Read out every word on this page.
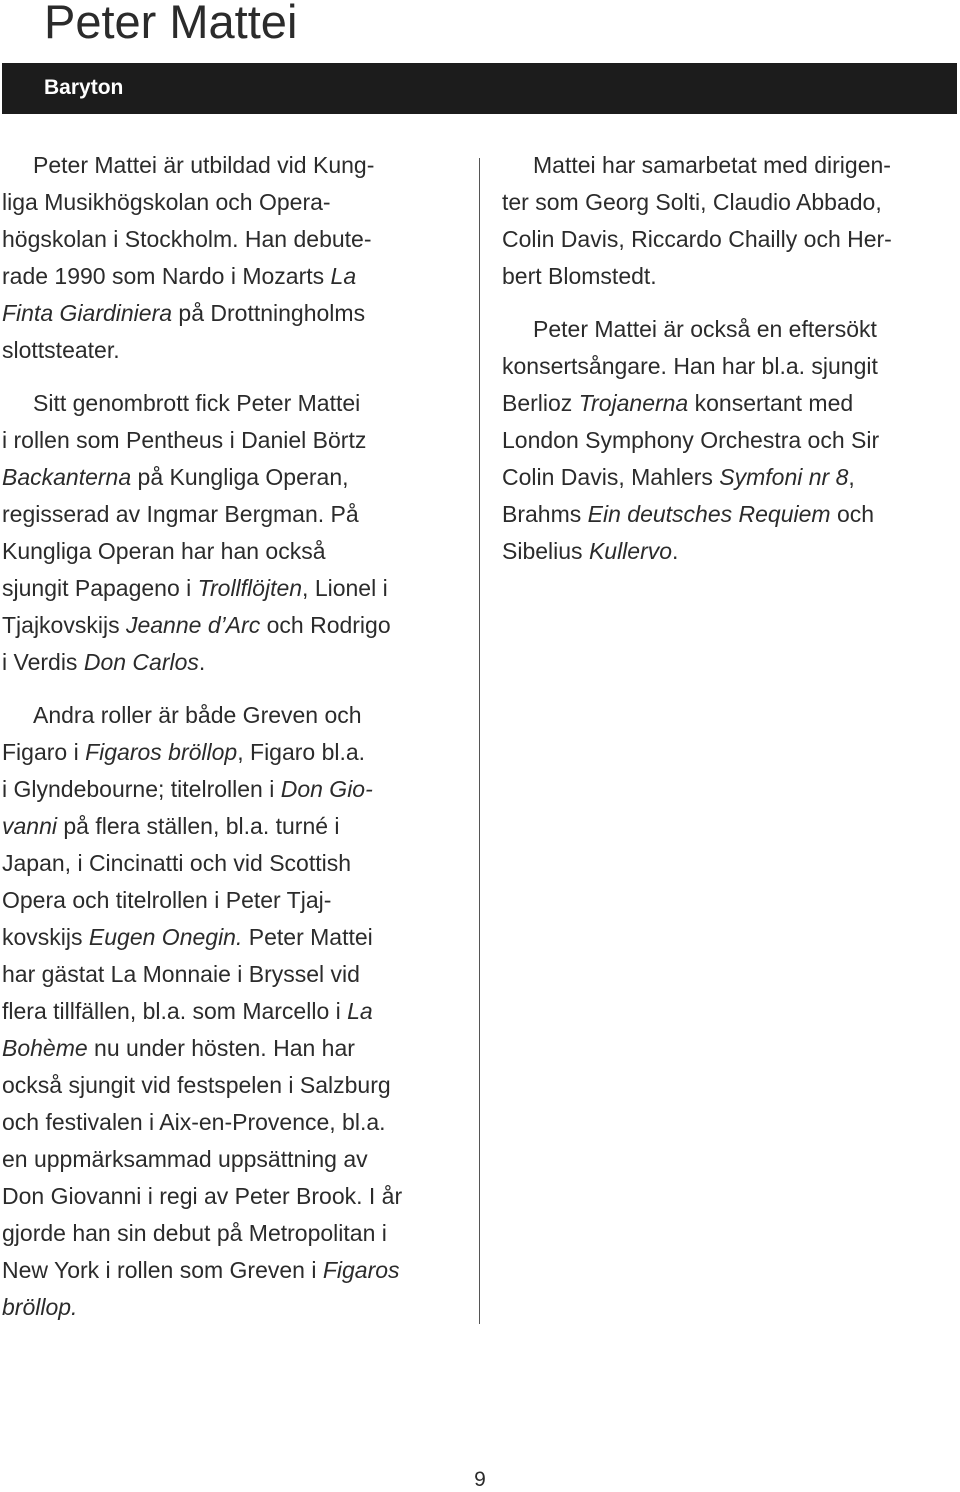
Peter Mattei
Baryton

Peter Mattei är utbildad vid Kung-
liga Musikhögskolan och Opera-
högskolan i Stockholm. Han debute-
rade 1990 som Nardo i Mozarts La
Finta Giardiniera på Drottningholms
slottsteater.

Sitt genombrott fick Peter Mattei
i rollen som Pentheus i Daniel Börtz
Backanterna på Kungliga Operan,
regisserad av Ingmar Bergman. På
Kungliga Operan har han också
sjungit Papageno i Trollflöjten, Lionel i
Tjajkovskijs Jeanne d’Arc och Rodrigo
i Verdis Don Carlos.

Andra roller är både Greven och
Figaro i Figaros bröllop, Figaro bl.a.
i Glyndebourne; titelrollen i Don Gio-
vanni på flera ställen, bl.a. turné i
Japan, i Cincinatti och vid Scottish
Opera och titelrollen i Peter Tjaj-
kovskijs Eugen Onegin. Peter Mattei
har gästat La Monnaie i Bryssel vid
flera tillfällen, bl.a. som Marcello i La
Bohème nu under hösten. Han har
också sjungit vid festspelen i Salzburg
och festivalen i Aix-en-Provence, bl.a.
en uppmärksammad uppsättning av
Don Giovanni i regi av Peter Brook. I år
gjorde han sin debut på Metropolitan i
New York i rollen som Greven i Figaros
bröllop.

Mattei har samarbetat med dirigen-
ter som Georg Solti, Claudio Abbado,
Colin Davis, Riccardo Chailly och Her-
bert Blomstedt.

Peter Mattei är också en eftersökt
konsertsångare. Han har bl.a. sjungit
Berlioz Trojanerna konsertant med
London Symphony Orchestra och Sir
Colin Davis, Mahlers Symfoni nr 8,
Brahms Ein deutsches Requiem och
Sibelius Kullervo.

9
